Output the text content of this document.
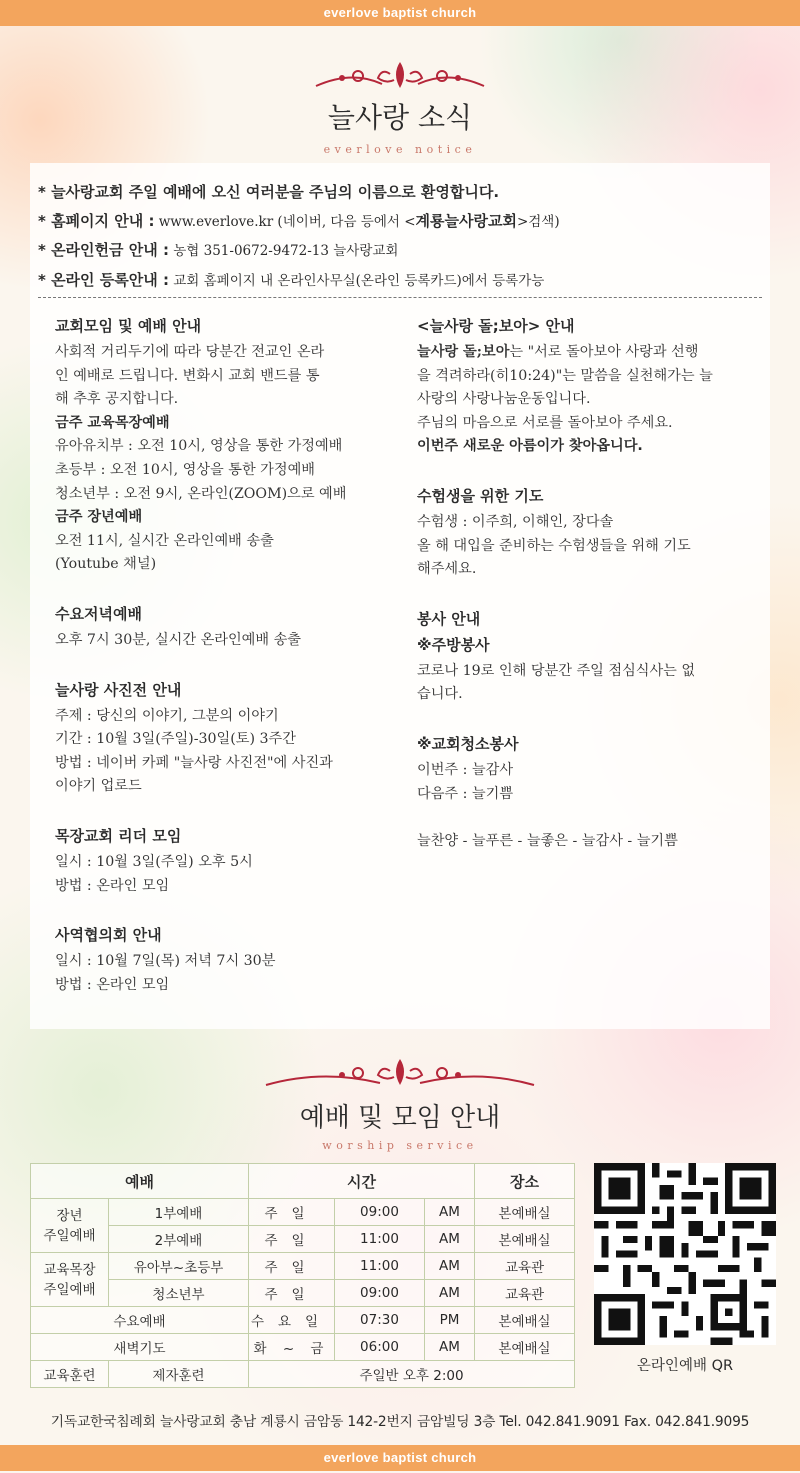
everlove baptist church
늘사랑 소식
everlove notice
* 늘사랑교회 주일 예배에 오신 여러분을 주님의 이름으로 환영합니다.
* 홈페이지 안내 : www.everlove.kr (네이버, 다음 등에서 <계룡늘사랑교회>검색)
* 온라인헌금 안내 : 농협 351-0672-9472-13 늘사랑교회
* 온라인 등록안내 : 교회 홈페이지 내 온라인사무실(온라인 등록카드)에서 등록가능
교회모임 및 예배 안내
사회적 거리두기에 따라 당분간 전교인 온라
인 예배로 드립니다. 변화시 교회 밴드를 통
해 추후 공지합니다.
금주 교육목장예배
유아유치부 : 오전 10시, 영상을 통한 가정예배
초등부 : 오전 10시, 영상을 통한 가정예배
청소년부 : 오전 9시, 온라인(ZOOM)으로 예배
금주 장년예배
오전 11시, 실시간 온라인예배 송출
(Youtube 채널)
수요저녁예배
오후 7시 30분, 실시간 온라인예배 송출
늘사랑 사진전 안내
주제 : 당신의 이야기, 그분의 이야기
기간 : 10월 3일(주일)-30일(토) 3주간
방법 : 네이버 카페 "늘사랑 사진전"에 사진과
이야기 업로드
목장교회 리더 모임
일시 : 10월 3일(주일) 오후 5시
방법 : 온라인 모임
사역협의회 안내
일시 : 10월 7일(목) 저녁 7시 30분
방법 : 온라인 모임
<늘사랑 돌;보아> 안내
늘사랑 돌;보아는 "서로 돌아보아 사랑과 선행
을 격려하라(히10:24)"는 말씀을 실천해가는 늘
사랑의 사랑나눔운동입니다.
주님의 마음으로 서로를 돌아보아 주세요.
이번주 새로운 아름이가 찾아옵니다.
수험생을 위한 기도
수험생 : 이주희, 이해인, 장다솔
올 해 대입을 준비하는 수험생들을 위해 기도
해주세요.
봉사 안내
※주방봉사
코로나 19로 인해 당분간 주일 점심식사는 없
습니다.
※교회청소봉사
이번주 : 늘감사
다음주 : 늘기쁨
늘찬양 - 늘푸른 - 늘좋은 - 늘감사 - 늘기쁨
예배 및 모임 안내
worship service
예배		시간			장소
장년
주일예배	1부예배	주일	09:00	AM	본예배실
	2부예배	주일	11:00	AM	본예배실
교육목장
주일예배	유아부~초등부	주일	11:00	AM	교육관
	청소년부	주일	09:00	AM	교육관
수요예배		수요일	07:30	PM	본예배실
새벽기도		화 ~ 금	06:00	AM	본예배실
교육훈련	제자훈련	주일반 오후 2:00			
온라인예배 QR
기독교한국침례회 늘사랑교회 충남 계룡시 금암동 142-2번지 금암빌딩 3층 Tel. 042.841.9091 Fax. 042.841.9095
everlove baptist church
